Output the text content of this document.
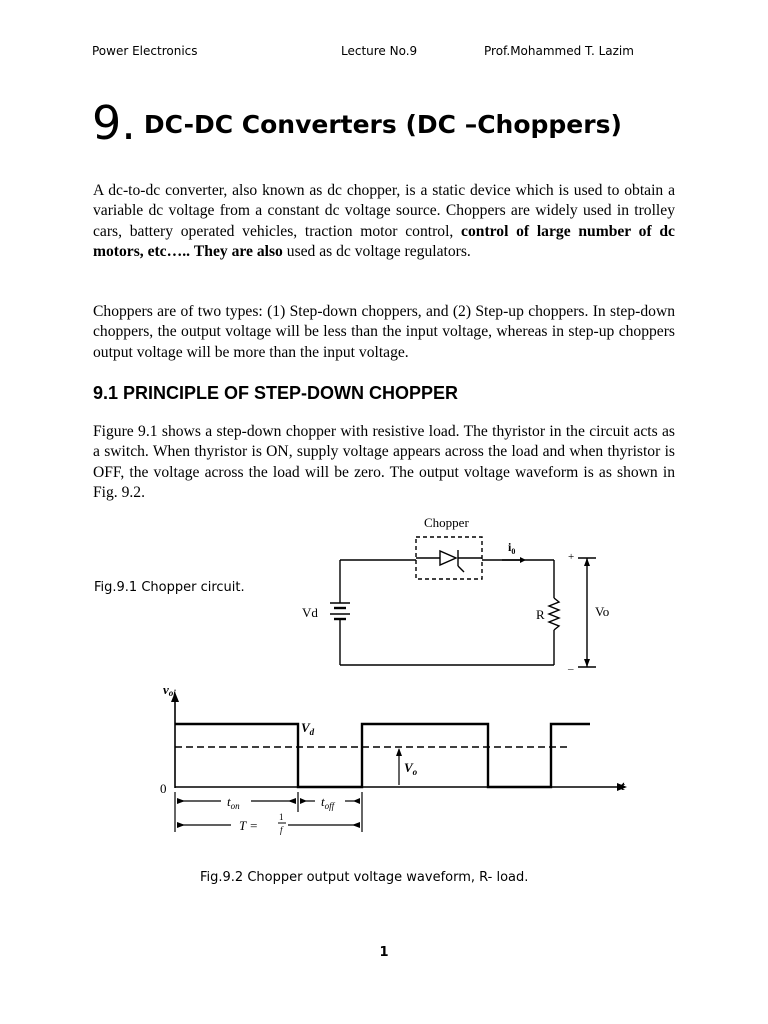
Power Electronics	Lecture No.9	Prof.Mohammed T. Lazim
9. DC-DC Converters (DC –Choppers)

A dc-to-dc converter, also known as dc chopper, is a static device which is used to obtain a variable dc voltage from a constant dc voltage source. Choppers are widely used in trolley cars, battery operated vehicles, traction motor control, control of large number of dc motors, etc….. They are also used as dc voltage regulators.

Choppers are of two types: (1) Step-down choppers, and (2) Step-up choppers. In step-down choppers, the output voltage will be less than the input voltage, whereas in step-up choppers output voltage will be more than the input voltage.

9.1 PRINCIPLE OF STEP-DOWN CHOPPER

Figure 9.1 shows a step-down chopper with resistive load. The thyristor in the circuit acts as a switch. When thyristor is ON, supply voltage appears across the load and when thyristor is OFF, the voltage across the load will be zero. The output voltage waveform is as shown in Fig. 9.2.

Fig.9.1 Chopper circuit.
Chopper
$i_0$	+
–
Vd	R	Vo
voi
t
0
$V_d$
$V_o$
$t_{on}$	$t_{off}$
T =
1
f
Fig.9.2 Chopper output voltage waveform, R- load.
1
